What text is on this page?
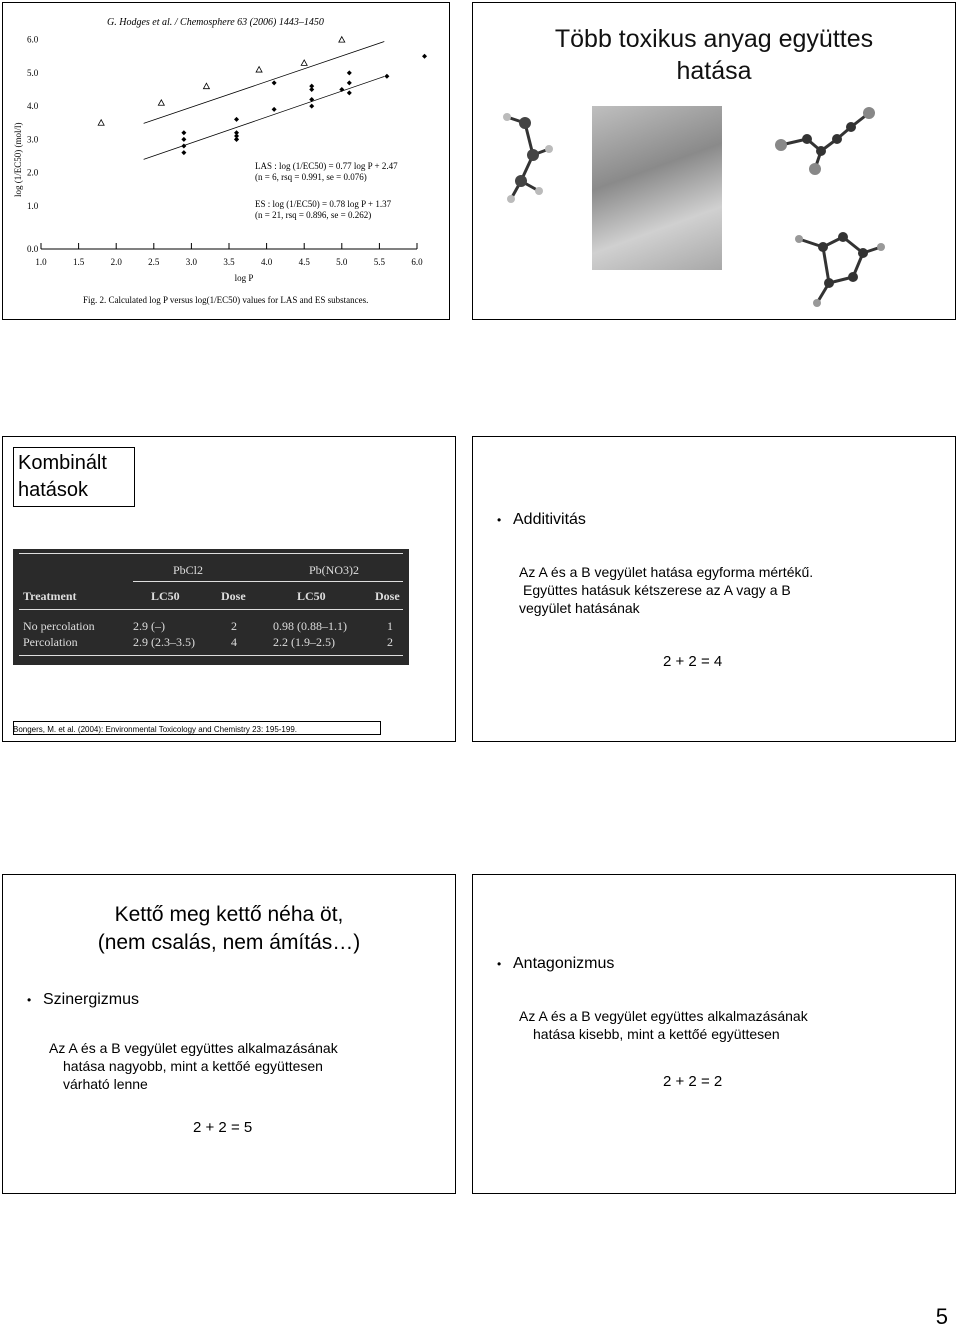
G. Hodges et al. / Chemosphere 63 (2006) 1443–1450
log (1/EC50) (mol/l)
1.0	1.5	2.0	2.5	3.0	3.5	4.0	4.5	5.0	5.5	6.0
log P
6.0
5.0
4.0
3.0
2.0
1.0
0.0
LAS : log (1/EC50) = 0.77 log P + 2.47
(n = 6, rsq = 0.991, se = 0.076)
ES : log (1/EC50) = 0.78 log P + 1.37
(n = 21, rsq = 0.896, se = 0.262)
Fig. 2. Calculated log P versus log(1/EC50) values for LAS and ES substances.
Több toxikus anyag együttes
hatása
Kombinált
hatások
PbCl2	Pb(NO3)2
Treatment	LC50	Dose	LC50	Dose
No percolation	2.9 (–)	2	0.98 (0.88–1.1)	1
Percolation	2.9 (2.3–3.5)	4	2.2 (1.9–2.5)	2
Bongers, M. et al. (2004): Environmental Toxicology and Chemistry 23: 195-199.
• Additivitás
Az A és a B vegyület hatása egyforma mértékű.
Együttes hatásuk kétszerese az A vagy a B
vegyület hatásának
2 + 2 = 4
Kettő meg kettő néha öt,
(nem csalás, nem ámítás…)
• Szinergizmus
Az A és a B vegyület együttes alkalmazásának
hatása nagyobb, mint a kettőé együttesen
várható lenne
2 + 2 = 5
• Antagonizmus
Az A és a B vegyület együttes alkalmazásának
hatása kisebb, mint a kettőé együttesen
2 + 2 = 2
5
